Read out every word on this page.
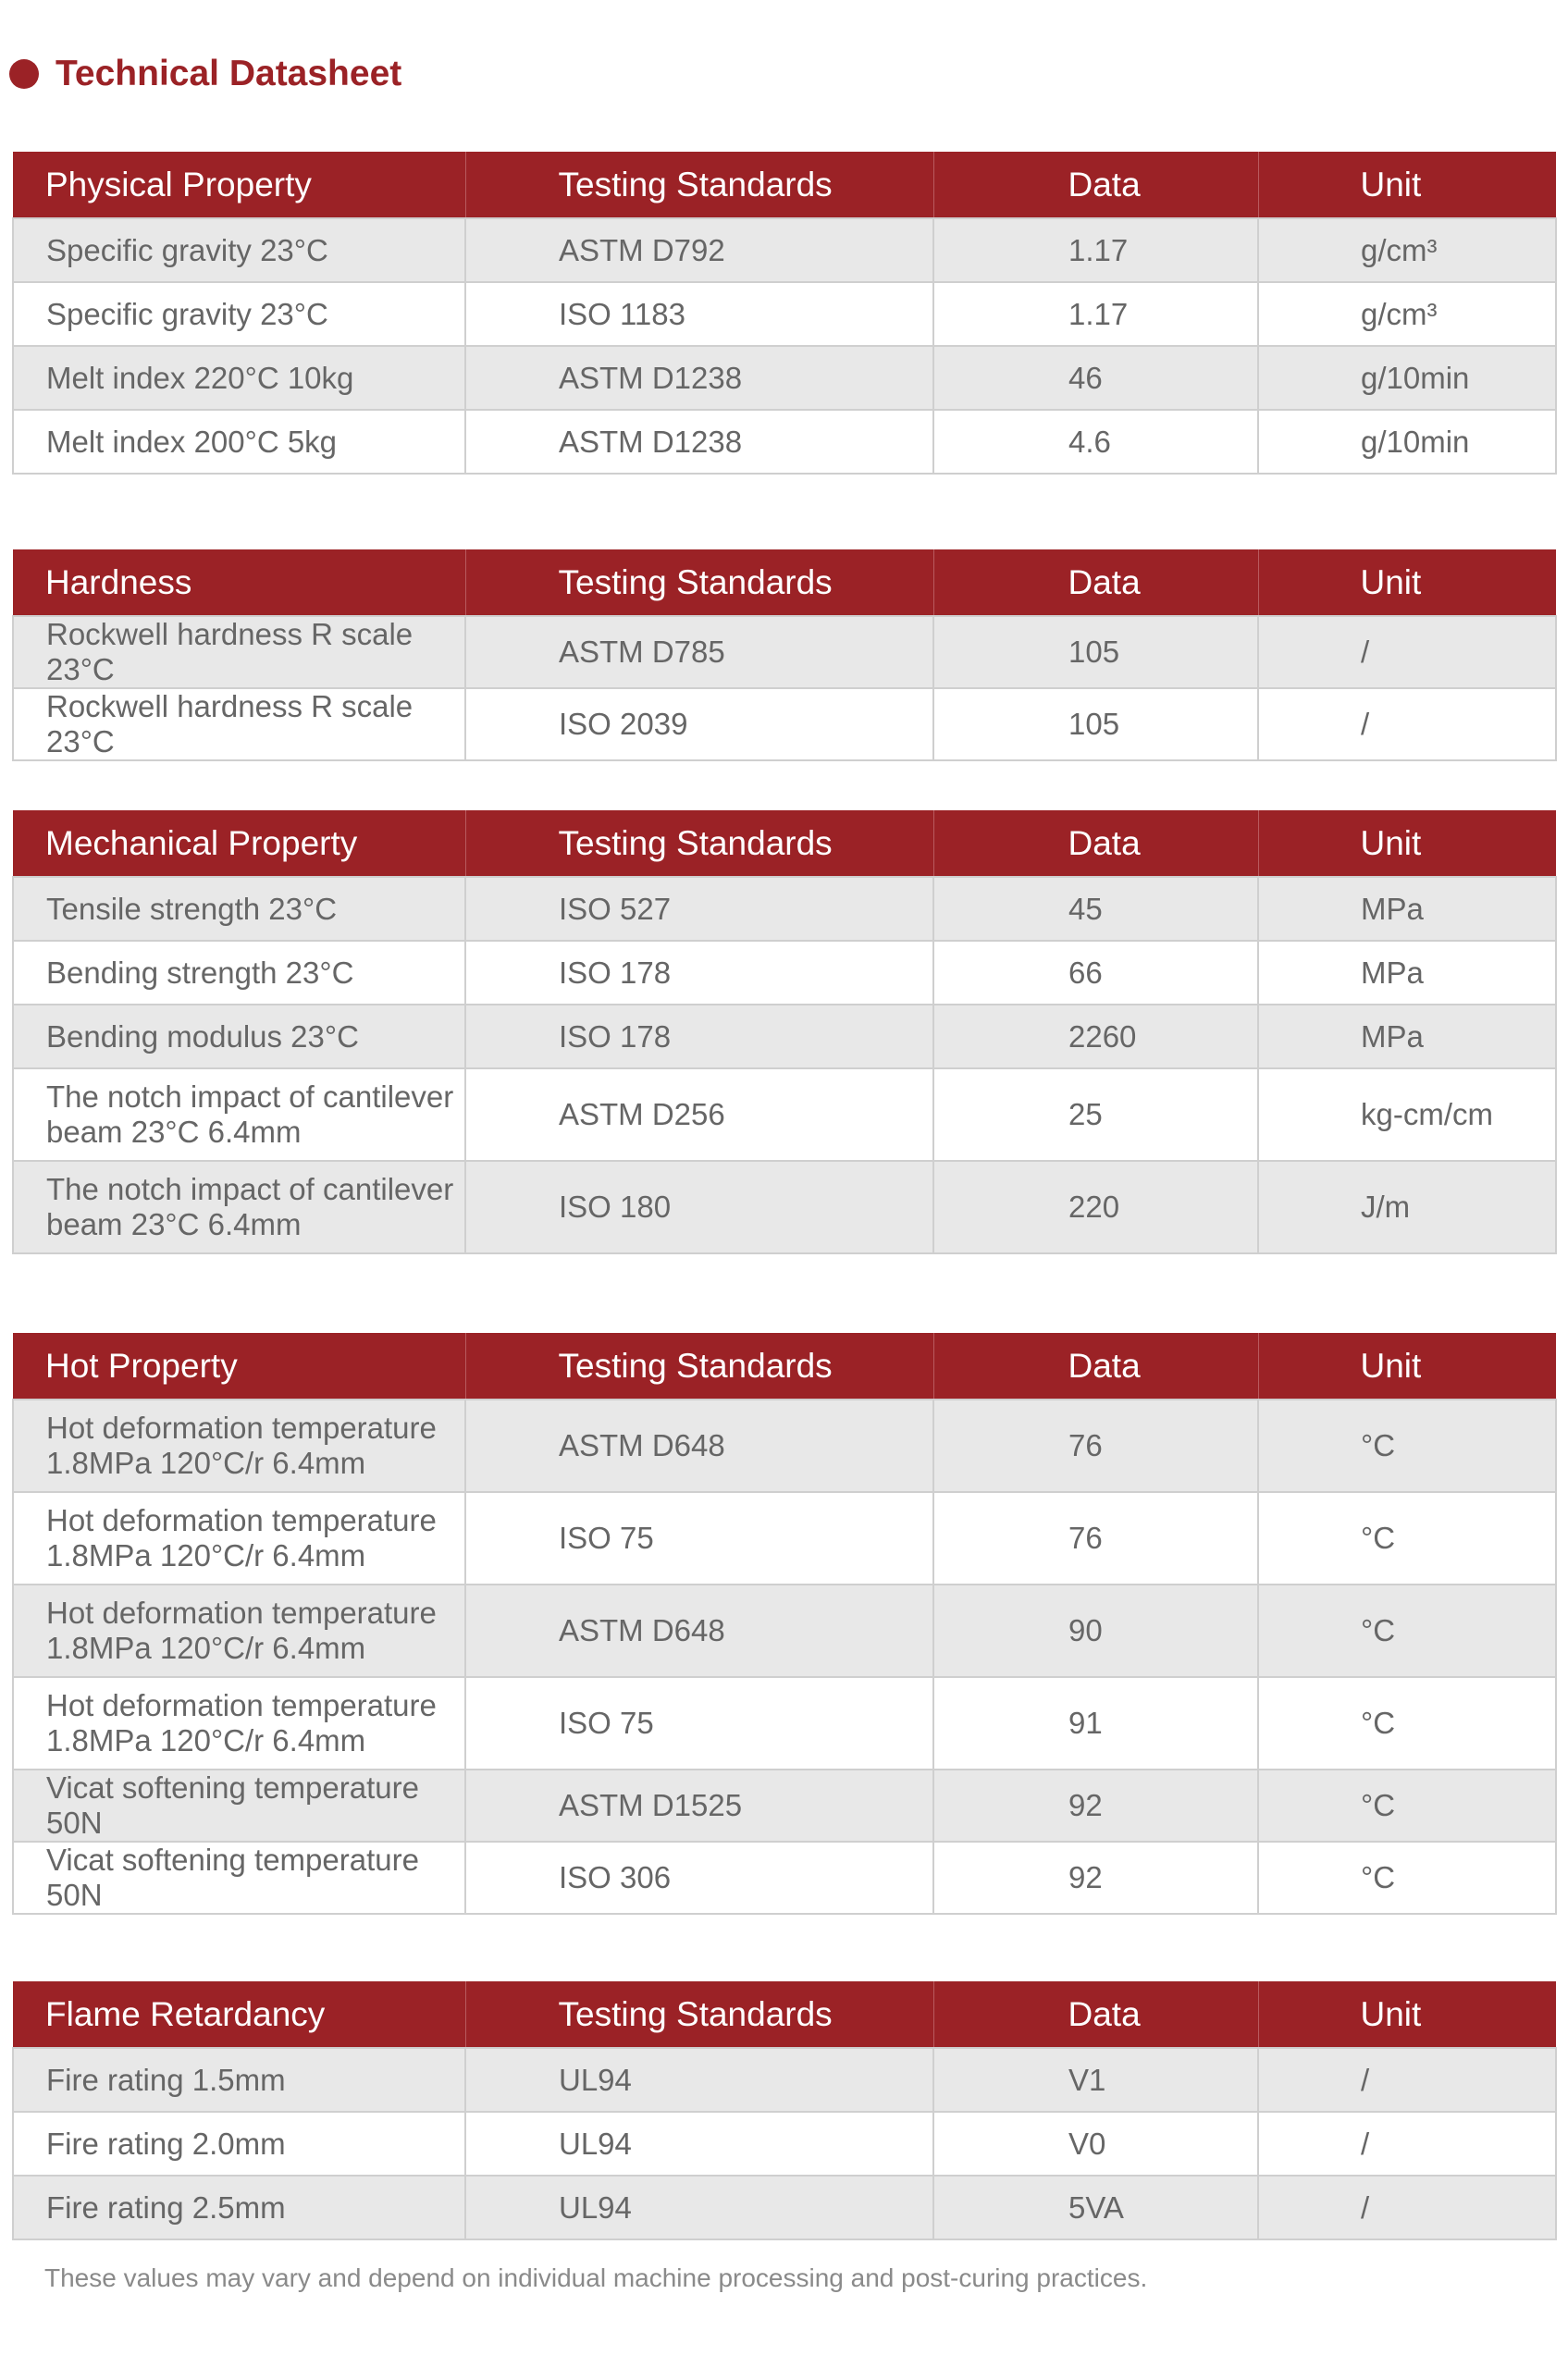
Technical Datasheet
Physical Property	Testing Standards	Data	Unit
Specific gravity 23°C	ASTM D792	1.17	g/cm³
Specific gravity 23°C	ISO 1183	1.17	g/cm³
Melt index 220°C 10kg	ASTM D1238	46	g/10min
Melt index 200°C 5kg	ASTM D1238	4.6	g/10min
Hardness	Testing Standards	Data	Unit
Rockwell hardness R scale 23°C	ASTM D785	105	/
Rockwell hardness R scale 23°C	ISO 2039	105	/
Mechanical Property	Testing Standards	Data	Unit
Tensile strength 23°C	ISO 527	45	MPa
Bending strength 23°C	ISO 178	66	MPa
Bending modulus 23°C	ISO 178	2260	MPa
The notch impact of cantilever beam 23°C 6.4mm	ASTM D256	25	kg-cm/cm
The notch impact of cantilever beam 23°C 6.4mm	ISO 180	220	J/m
Hot Property	Testing Standards	Data	Unit
Hot deformation temperature 1.8MPa 120°C/r 6.4mm	ASTM D648	76	°C
Hot deformation temperature 1.8MPa 120°C/r 6.4mm	ISO 75	76	°C
Hot deformation temperature 1.8MPa 120°C/r 6.4mm	ASTM D648	90	°C
Hot deformation temperature 1.8MPa 120°C/r 6.4mm	ISO 75	91	°C
Vicat softening temperature 50N	ASTM D1525	92	°C
Vicat softening temperature 50N	ISO 306	92	°C
Flame Retardancy	Testing Standards	Data	Unit
Fire rating 1.5mm	UL94	V1	/
Fire rating 2.0mm	UL94	V0	/
Fire rating 2.5mm	UL94	5VA	/
These values may vary and depend on individual machine processing and post-curing practices.
